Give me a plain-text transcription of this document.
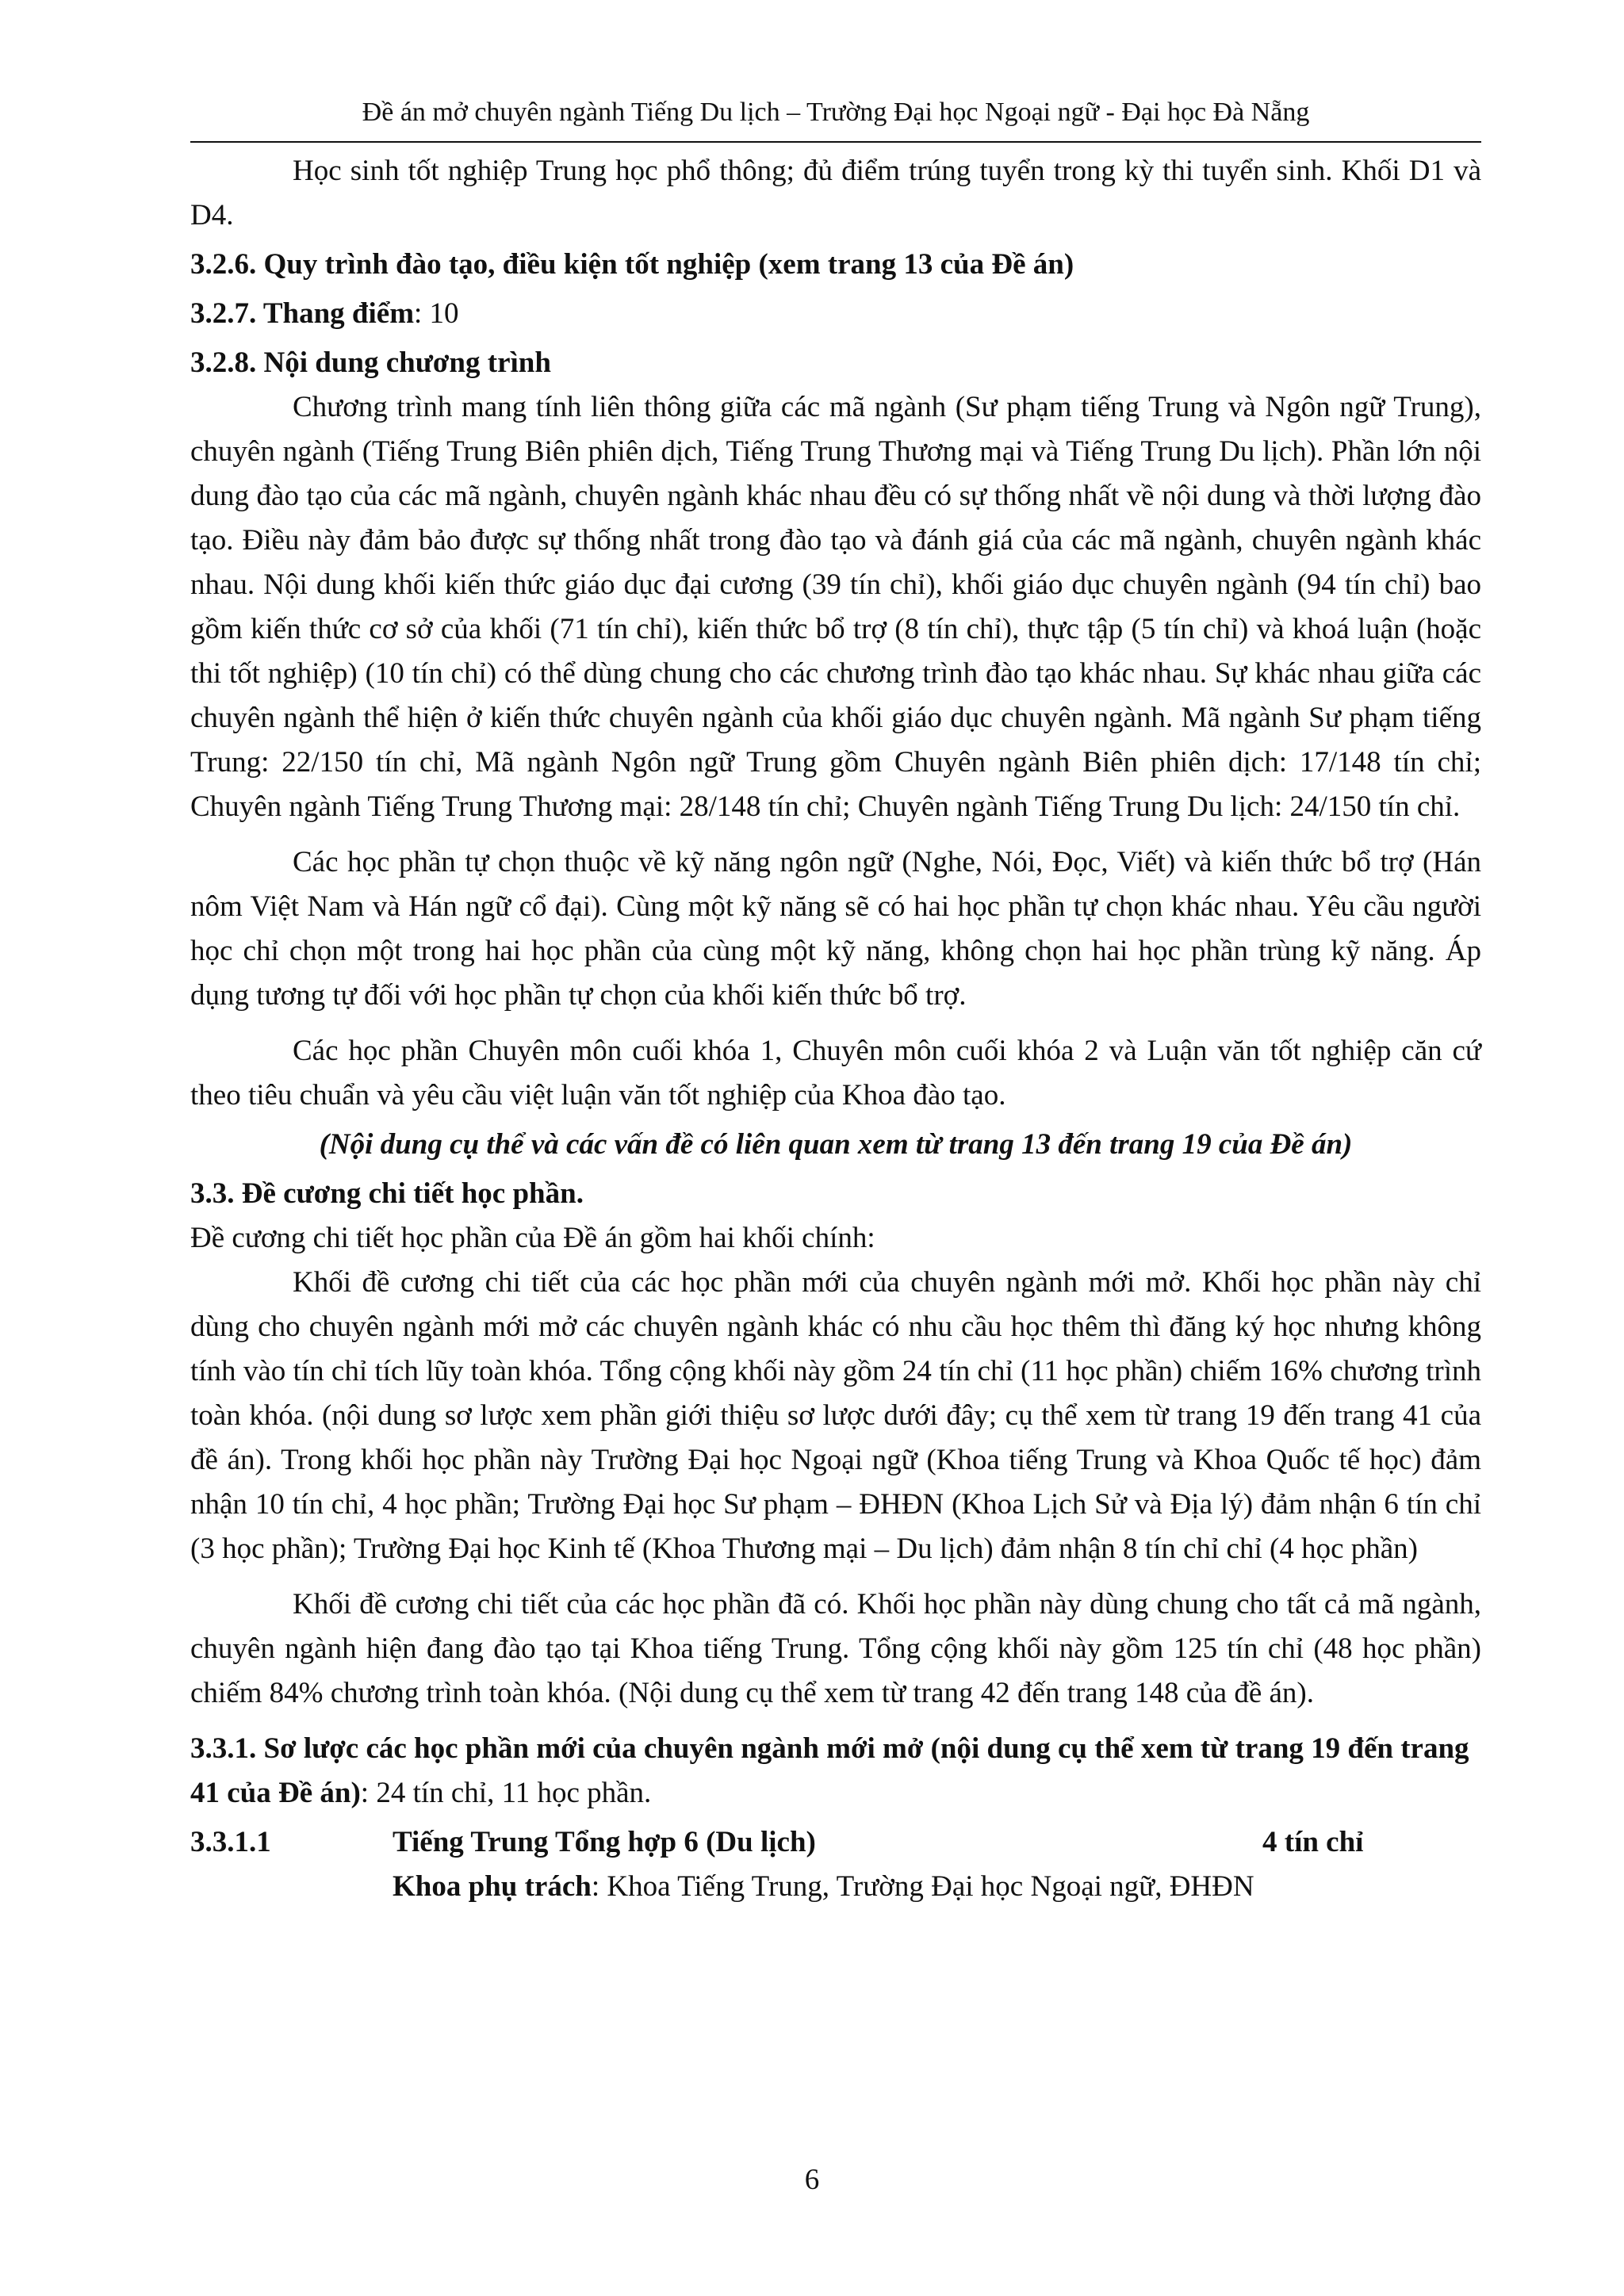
Đề án mở chuyên ngành Tiếng Du lịch – Trường Đại học Ngoại ngữ - Đại học Đà Nẵng

Học sinh tốt nghiệp Trung học phổ thông; đủ điểm trúng tuyển trong kỳ thi tuyển sinh. Khối D1 và D4.

3.2.6. Quy trình đào tạo, điều kiện tốt nghiệp (xem trang 13 của Đề án)
3.2.7. Thang điểm: 10
3.2.8. Nội dung chương trình

Chương trình mang tính liên thông giữa các mã ngành (Sư phạm tiếng Trung và Ngôn ngữ Trung), chuyên ngành (Tiếng Trung Biên phiên dịch, Tiếng Trung Thương mại và Tiếng Trung Du lịch). Phần lớn nội dung đào tạo của các mã ngành, chuyên ngành khác nhau đều có sự thống nhất về nội dung và thời lượng đào tạo. Điều này đảm bảo được sự thống nhất trong đào tạo và đánh giá của các mã ngành, chuyên ngành khác nhau. Nội dung khối kiến thức giáo dục đại cương (39 tín chỉ), khối giáo dục chuyên ngành (94 tín chỉ) bao gồm kiến thức cơ sở của khối (71 tín chỉ), kiến thức bổ trợ (8 tín chỉ), thực tập (5 tín chỉ) và khoá luận (hoặc thi tốt nghiệp) (10 tín chỉ) có thể dùng chung cho các chương trình đào tạo khác nhau. Sự khác nhau giữa các chuyên ngành thể hiện ở kiến thức chuyên ngành của khối giáo dục chuyên ngành. Mã ngành Sư phạm tiếng Trung: 22/150 tín chỉ, Mã ngành Ngôn ngữ Trung gồm Chuyên ngành Biên phiên dịch: 17/148 tín chỉ; Chuyên ngành Tiếng Trung Thương mại: 28/148 tín chỉ; Chuyên ngành Tiếng Trung Du lịch: 24/150 tín chỉ.

Các học phần tự chọn thuộc về kỹ năng ngôn ngữ (Nghe, Nói, Đọc, Viết) và kiến thức bổ trợ (Hán nôm Việt Nam và Hán ngữ cổ đại). Cùng một kỹ năng sẽ có hai học phần tự chọn khác nhau. Yêu cầu người học chỉ chọn một trong hai học phần của cùng một kỹ năng, không chọn hai học phần trùng kỹ năng. Áp dụng tương tự đối với học phần tự chọn của khối kiến thức bổ trợ.

Các học phần Chuyên môn cuối khóa 1, Chuyên môn cuối khóa 2 và Luận văn tốt nghiệp căn cứ theo tiêu chuẩn và yêu cầu việt luận văn tốt nghiệp của Khoa đào tạo.

(Nội dung cụ thể và các vấn đề có liên quan xem từ trang 13 đến trang 19 của Đề án)
3.3. Đề cương chi tiết học phần.

Đề cương chi tiết học phần của Đề án gồm hai khối chính:

Khối đề cương chi tiết của các học phần mới của chuyên ngành mới mở. Khối học phần này chỉ dùng cho chuyên ngành mới mở các chuyên ngành khác có nhu cầu học thêm thì đăng ký học nhưng không tính vào tín chỉ tích lũy toàn khóa. Tổng cộng khối này gồm 24 tín chỉ (11 học phần) chiếm 16% chương trình toàn khóa. (nội dung sơ lược xem phần giới thiệu sơ lược dưới đây; cụ thể xem từ trang 19 đến trang 41 của đề án). Trong khối học phần này Trường Đại học Ngoại ngữ (Khoa tiếng Trung và Khoa Quốc tế học) đảm nhận 10 tín chỉ, 4 học phần; Trường Đại học Sư phạm – ĐHĐN (Khoa Lịch Sử và Địa lý) đảm nhận 6 tín chỉ (3 học phần); Trường Đại học Kinh tế (Khoa Thương mại – Du lịch) đảm nhận 8 tín chỉ chỉ (4 học phần)

Khối đề cương chi tiết của các học phần đã có. Khối học phần này dùng chung cho tất cả mã ngành, chuyên ngành hiện đang đào tạo tại Khoa tiếng Trung. Tổng cộng khối này gồm 125 tín chỉ (48 học phần) chiếm 84% chương trình toàn khóa. (Nội dung cụ thể xem từ trang 42 đến trang 148 của đề án).

3.3.1. Sơ lược các học phần mới của chuyên ngành mới mở (nội dung cụ thể xem từ trang 19 đến trang 41 của Đề án): 24 tín chỉ, 11 học phần.
3.3.1.1	Tiếng Trung Tổng hợp 6 (Du lịch)	4 tín chỉ
Khoa phụ trách: Khoa Tiếng Trung, Trường Đại học Ngoại ngữ, ĐHĐN
6
